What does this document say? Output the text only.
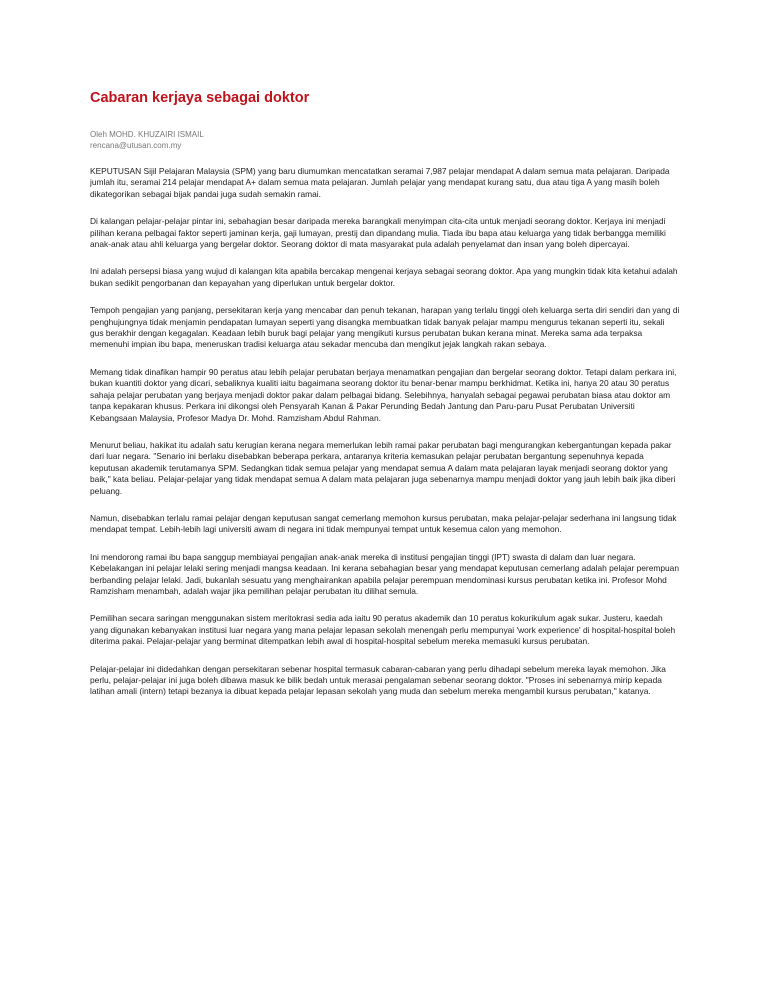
Cabaran kerjaya sebagai doktor
Oleh MOHD. KHUZAIRI ISMAIL
rencana@utusan.com.my

KEPUTUSAN Sijil Pelajaran Malaysia (SPM) yang baru diumumkan mencatatkan seramai 7,987 pelajar mendapat A dalam semua mata pelajaran. Daripada jumlah itu, seramai 214 pelajar mendapat A+ dalam semua mata pelajaran. Jumlah pelajar yang mendapat kurang satu, dua atau tiga A yang masih boleh dikategorikan sebagai bijak pandai juga sudah semakin ramai.

Di kalangan pelajar-pelajar pintar ini, sebahagian besar daripada mereka barangkali menyimpan cita-cita untuk menjadi seorang doktor. Kerjaya ini menjadi pilihan kerana pelbagai faktor seperti jaminan kerja, gaji lumayan, prestij dan dipandang mulia. Tiada ibu bapa atau keluarga yang tidak berbangga memiliki anak-anak atau ahli keluarga yang bergelar doktor. Seorang doktor di mata masyarakat pula adalah penyelamat dan insan yang boleh dipercayai.

Ini adalah persepsi biasa yang wujud di kalangan kita apabila bercakap mengenai kerjaya sebagai seorang doktor. Apa yang mungkin tidak kita ketahui adalah bukan sedikit pengorbanan dan kepayahan yang diperlukan untuk bergelar doktor.

Tempoh pengajian yang panjang, persekitaran kerja yang mencabar dan penuh tekanan, harapan yang terlalu tinggi oleh keluarga serta diri sendiri dan yang di penghujungnya tidak menjamin pendapatan lumayan seperti yang disangka membuatkan tidak banyak pelajar mampu mengurus tekanan seperti itu, sekali gus berakhir dengan kegagalan. Keadaan lebih buruk bagi pelajar yang mengikuti kursus perubatan bukan kerana minat. Mereka sama ada terpaksa memenuhi impian ibu bapa, meneruskan tradisi keluarga atau sekadar mencuba dan mengikut jejak langkah rakan sebaya.

Memang tidak dinafikan hampir 90 peratus atau lebih pelajar perubatan berjaya menamatkan pengajian dan bergelar seorang doktor. Tetapi dalam perkara ini, bukan kuantiti doktor yang dicari, sebaliknya kualiti iaitu bagaimana seorang doktor itu benar-benar mampu berkhidmat. Ketika ini, hanya 20 atau 30 peratus sahaja pelajar perubatan yang berjaya menjadi doktor pakar dalam pelbagai bidang. Selebihnya, hanyalah sebagai pegawai perubatan biasa atau doktor am tanpa kepakaran khusus. Perkara ini dikongsi oleh Pensyarah Kanan & Pakar Perunding Bedah Jantung dan Paru-paru Pusat Perubatan Universiti Kebangsaan Malaysia, Profesor Madya Dr. Mohd. Ramzisham Abdul Rahman.

Menurut beliau, hakikat itu adalah satu kerugian kerana negara memerlukan lebih ramai pakar perubatan bagi mengurangkan kebergantungan kepada pakar dari luar negara. "Senario ini berlaku disebabkan beberapa perkara, antaranya kriteria kemasukan pelajar perubatan bergantung sepenuhnya kepada keputusan akademik terutamanya SPM. Sedangkan tidak semua pelajar yang mendapat semua A dalam mata pelajaran layak menjadi seorang doktor yang baik," kata beliau. Pelajar-pelajar yang tidak mendapat semua A dalam mata pelajaran juga sebenarnya mampu menjadi doktor yang jauh lebih baik jika diberi peluang.

Namun, disebabkan terlalu ramai pelajar dengan keputusan sangat cemerlang memohon kursus perubatan, maka pelajar-pelajar sederhana ini langsung tidak mendapat tempat. Lebih-lebih lagi universiti awam di negara ini tidak mempunyai tempat untuk kesemua calon yang memohon.

Ini mendorong ramai ibu bapa sanggup membiayai pengajian anak-anak mereka di institusi pengajian tinggi (IPT) swasta di dalam dan luar negara. Kebelakangan ini pelajar lelaki sering menjadi mangsa keadaan. Ini kerana sebahagian besar yang mendapat keputusan cemerlang adalah pelajar perempuan berbanding pelajar lelaki. Jadi, bukanlah sesuatu yang menghairankan apabila pelajar perempuan mendominasi kursus perubatan ketika ini. Profesor Mohd Ramzisham menambah, adalah wajar jika pemilihan pelajar perubatan itu dilihat semula.

Pemilihan secara saringan menggunakan sistem meritokrasi sedia ada iaitu 90 peratus akademik dan 10 peratus kokurikulum agak sukar. Justeru, kaedah yang digunakan kebanyakan institusi luar negara yang mana pelajar lepasan sekolah menengah perlu mempunyai 'work experience' di hospital-hospital boleh diterima pakai. Pelajar-pelajar yang berminat ditempatkan lebih awal di hospital-hospital sebelum mereka memasuki kursus perubatan.

Pelajar-pelajar ini didedahkan dengan persekitaran sebenar hospital termasuk cabaran-cabaran yang perlu dihadapi sebelum mereka layak memohon. Jika perlu, pelajar-pelajar ini juga boleh dibawa masuk ke bilik bedah untuk merasai pengalaman sebenar seorang doktor. "Proses ini sebenarnya mirip kepada latihan amali (intern) tetapi bezanya ia dibuat kepada pelajar lepasan sekolah yang muda dan sebelum mereka mengambil kursus perubatan," katanya.
